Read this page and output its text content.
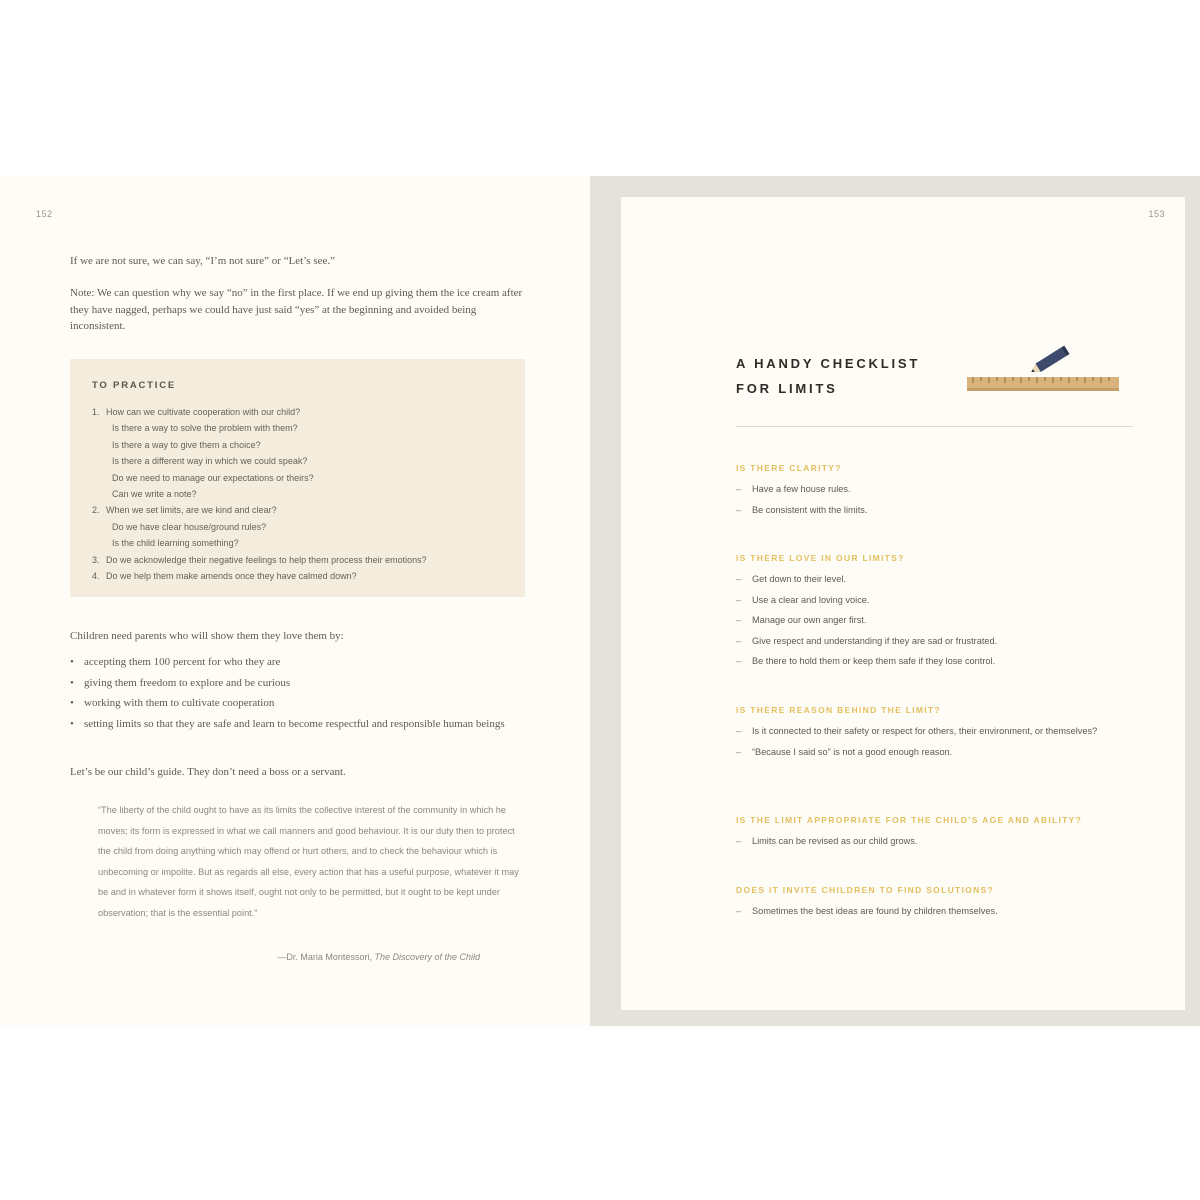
152

If we are not sure, we can say, “I’m not sure” or “Let’s see.”

Note: We can question why we say “no” in the first place. If we end up giving them the ice cream after they have nagged, perhaps we could have just said “yes” at the beginning and avoided being inconsistent.

TO PRACTICE
1. How can we cultivate cooperation with our child?
Is there a way to solve the problem with them?
Is there a way to give them a choice?
Is there a different way in which we could speak?
Do we need to manage our expectations or theirs?
Can we write a note?
2. When we set limits, are we kind and clear?
Do we have clear house/ground rules?
Is the child learning something?
3. Do we acknowledge their negative feelings to help them process their emotions?
4. Do we help them make amends once they have calmed down?

Children need parents who will show them they love them by:

• accepting them 100 percent for who they are
• giving them freedom to explore and be curious
• working with them to cultivate cooperation
• setting limits so that they are safe and learn to become respectful and responsible human beings

Let’s be our child’s guide. They don’t need a boss or a servant.

“The liberty of the child ought to have as its limits the collective interest of the community in which he moves; its form is expressed in what we call manners and good behaviour. It is our duty then to protect the child from doing anything which may offend or hurt others, and to check the behaviour which is unbecoming or impolite. But as regards all else, every action that has a useful purpose, whatever it may be and in whatever form it shows itself, ought not only to be permitted, but it ought to be kept under observation; that is the essential point.”

—Dr. Maria Montessori, The Discovery of the Child
153
A HANDY CHECKLIST
FOR LIMITS
IS THERE CLARITY?
– Have a few house rules.
– Be consistent with the limits.
IS THERE LOVE IN OUR LIMITS?
– Get down to their level.
– Use a clear and loving voice.
– Manage our own anger first.
– Give respect and understanding if they are sad or frustrated.
– Be there to hold them or keep them safe if they lose control.
IS THERE REASON BEHIND THE LIMIT?
– Is it connected to their safety or respect for others, their environment, or themselves?
– “Because I said so” is not a good enough reason.
IS THE LIMIT APPROPRIATE FOR THE CHILD’S AGE AND ABILITY?
– Limits can be revised as our child grows.
DOES IT INVITE CHILDREN TO FIND SOLUTIONS?
– Sometimes the best ideas are found by children themselves.
